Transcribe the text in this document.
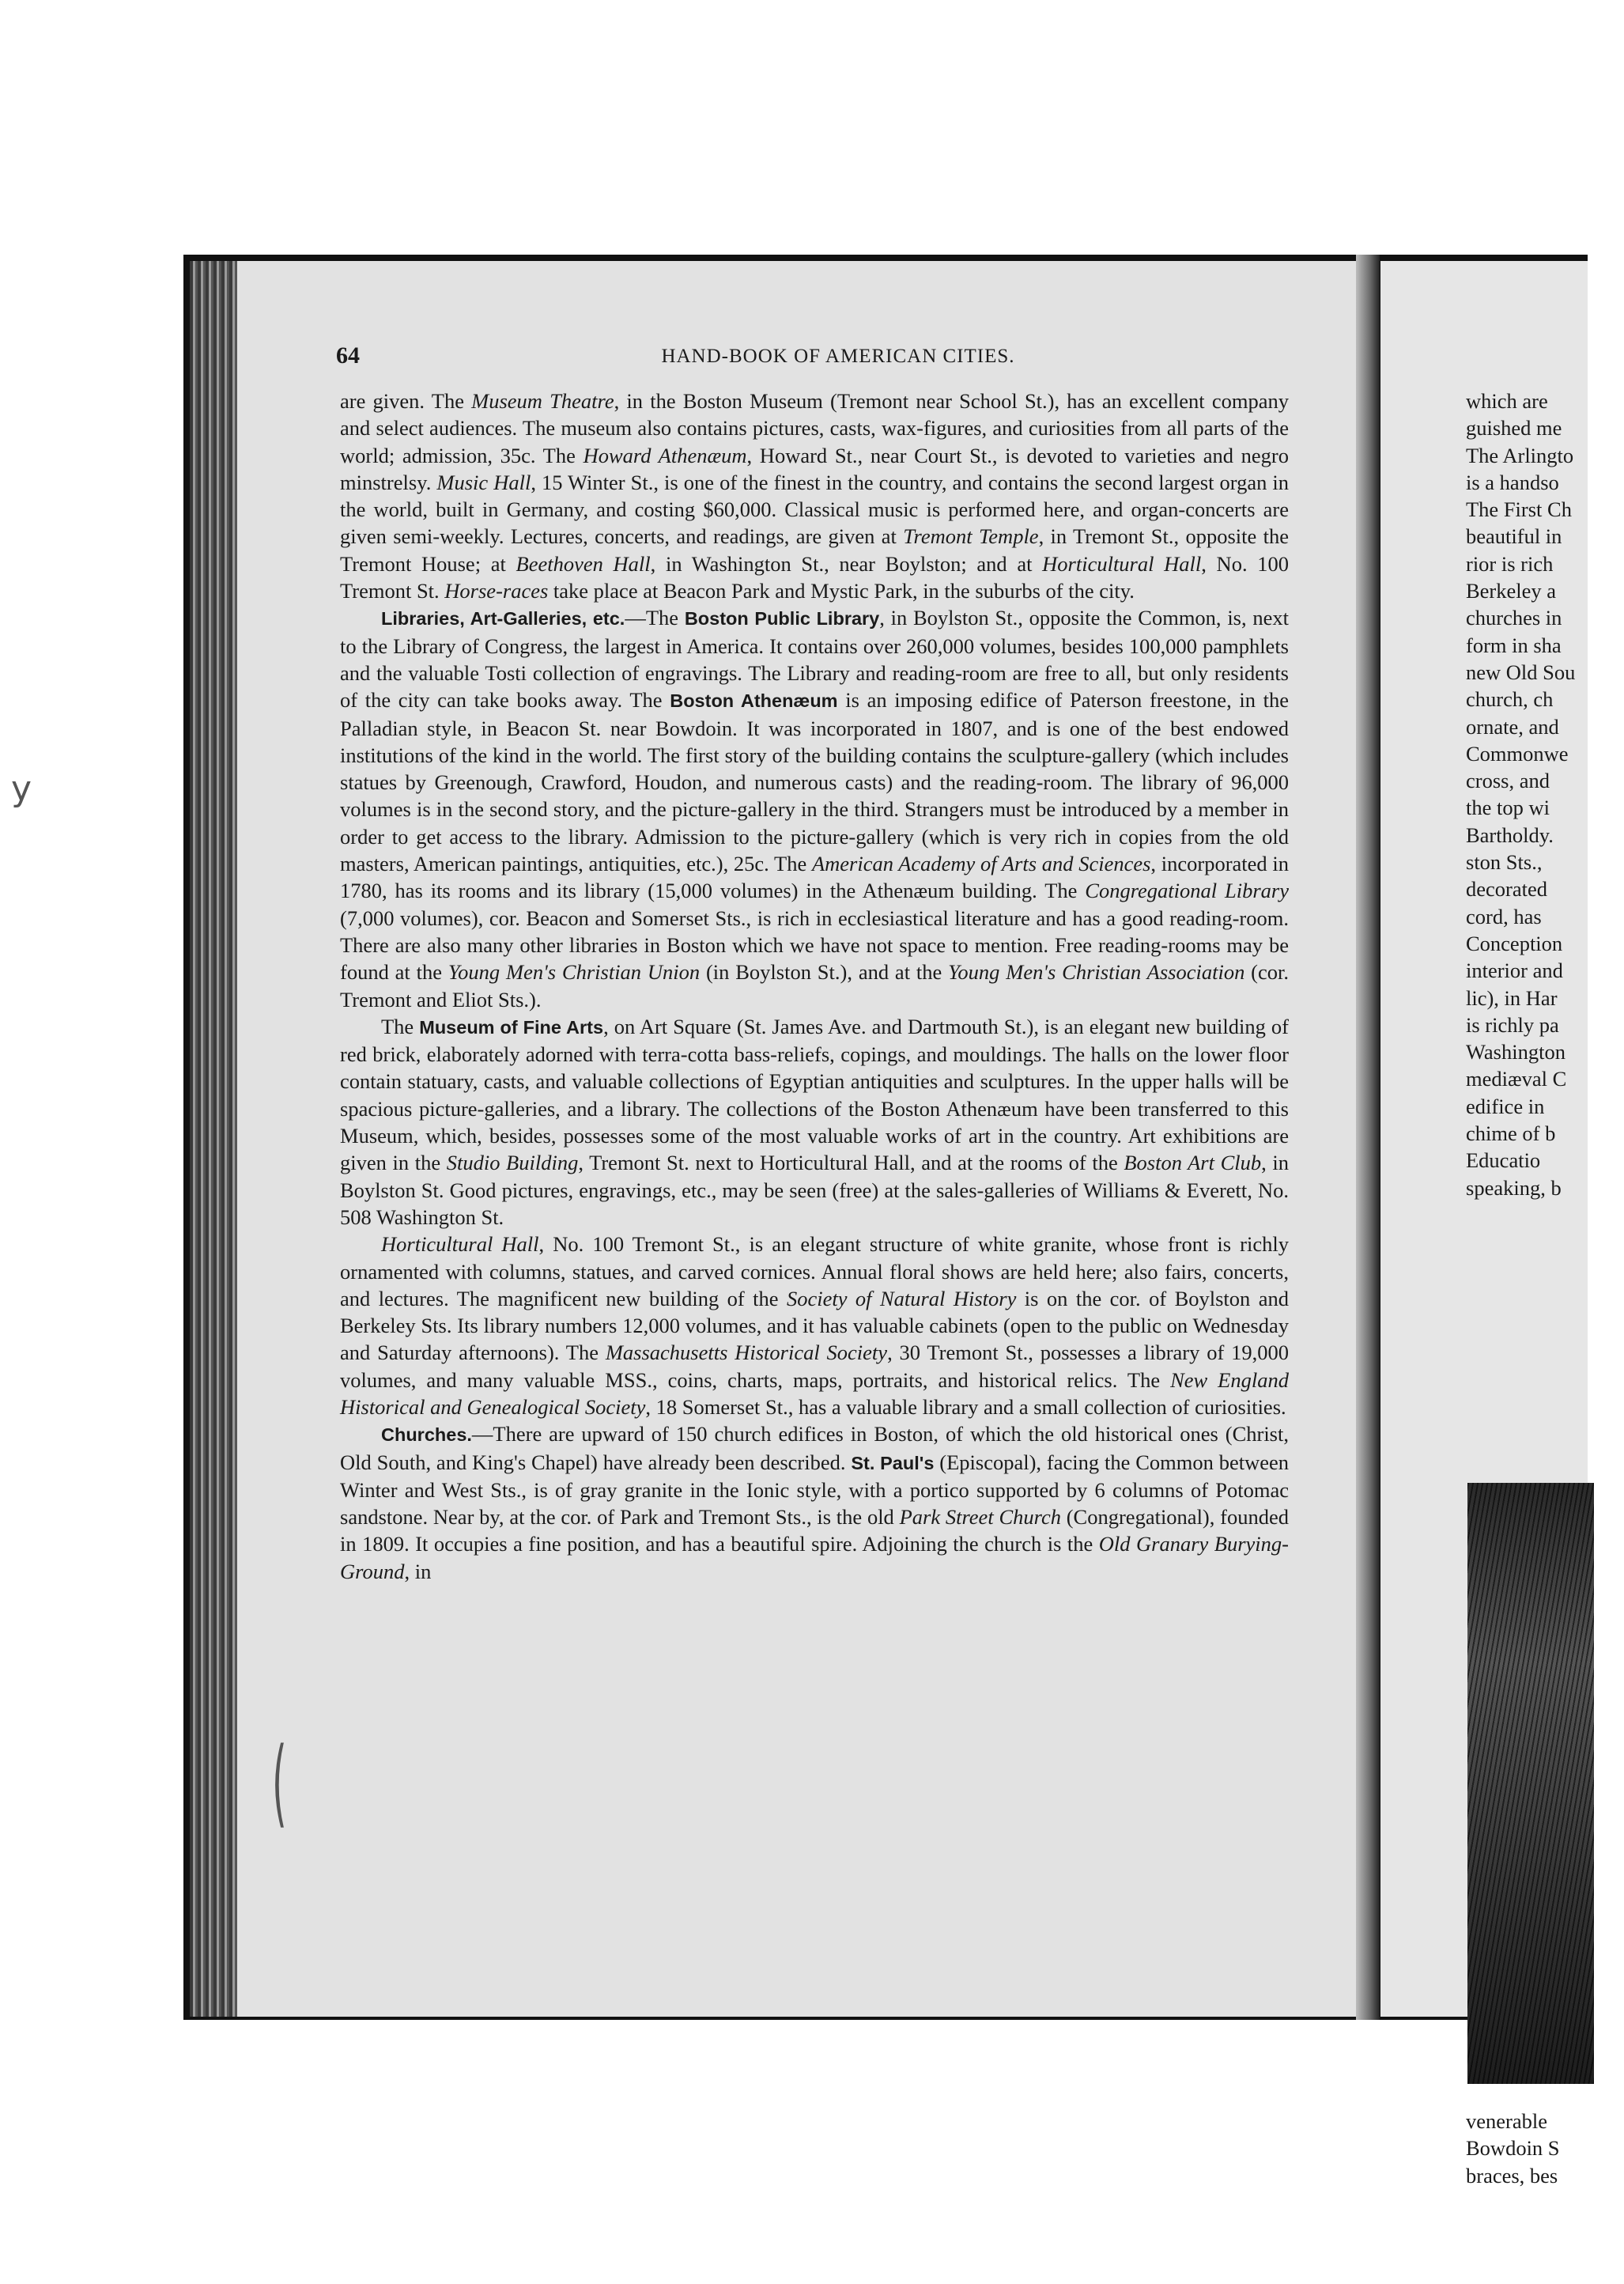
64	HAND-BOOK OF AMERICAN CITIES.

are given. The Museum Theatre, in the Boston Museum (Tremont near School St.), has an excellent company and select audiences. The museum also contains pictures, casts, wax-figures, and curiosities from all parts of the world; admission, 35c. The Howard Athenæum, Howard St., near Court St., is devoted to varieties and negro minstrelsy. Music Hall, 15 Winter St., is one of the finest in the country, and contains the second largest organ in the world, built in Germany, and costing $60,000. Classical music is performed here, and organ-concerts are given semi-weekly. Lectures, concerts, and readings, are given at Tremont Temple, in Tremont St., opposite the Tremont House; at Beethoven Hall, in Washington St., near Boylston; and at Horticultural Hall, No. 100 Tremont St. Horse-races take place at Beacon Park and Mystic Park, in the suburbs of the city.

Libraries, Art-Galleries, etc.—The Boston Public Library, in Boylston St., opposite the Common, is, next to the Library of Congress, the largest in America. It contains over 260,000 volumes, besides 100,000 pamphlets and the valuable Tosti collection of engravings. The Library and reading-room are free to all, but only residents of the city can take books away. The Boston Athenæum is an imposing edifice of Paterson freestone, in the Palladian style, in Beacon St. near Bowdoin. It was incorporated in 1807, and is one of the best endowed institutions of the kind in the world. The first story of the building contains the sculpture-gallery (which includes statues by Greenough, Crawford, Houdon, and numerous casts) and the reading-room. The library of 96,000 volumes is in the second story, and the picture-gallery in the third. Strangers must be introduced by a member in order to get access to the library. Admission to the picture-gallery (which is very rich in copies from the old masters, American paintings, antiquities, etc.), 25c. The American Academy of Arts and Sciences, incorporated in 1780, has its rooms and its library (15,000 volumes) in the Athenæum building. The Congregational Library (7,000 volumes), cor. Beacon and Somerset Sts., is rich in ecclesiastical literature and has a good reading-room. There are also many other libraries in Boston which we have not space to mention. Free reading-rooms may be found at the Young Men's Christian Union (in Boylston St.), and at the Young Men's Christian Association (cor. Tremont and Eliot Sts.).

The Museum of Fine Arts, on Art Square (St. James Ave. and Dartmouth St.), is an elegant new building of red brick, elaborately adorned with terra-cotta bass-reliefs, copings, and mouldings. The halls on the lower floor contain statuary, casts, and valuable collections of Egyptian antiquities and sculptures. In the upper halls will be spacious picture-galleries, and a library. The collections of the Boston Athenæum have been transferred to this Museum, which, besides, possesses some of the most valuable works of art in the country. Art exhibitions are given in the Studio Building, Tremont St. next to Horticultural Hall, and at the rooms of the Boston Art Club, in Boylston St. Good pictures, engravings, etc., may be seen (free) at the sales-galleries of Williams & Everett, No. 508 Washington St.

Horticultural Hall, No. 100 Tremont St., is an elegant structure of white granite, whose front is richly ornamented with columns, statues, and carved cornices. Annual floral shows are held here; also fairs, concerts, and lectures. The magnificent new building of the Society of Natural History is on the cor. of Boylston and Berkeley Sts. Its library numbers 12,000 volumes, and it has valuable cabinets (open to the public on Wednesday and Saturday afternoons). The Massachusetts Historical Society, 30 Tremont St., possesses a library of 19,000 volumes, and many valuable MSS., coins, charts, maps, portraits, and historical relics. The New England Historical and Genealogical Society, 18 Somerset St., has a valuable library and a small collection of curiosities.

Churches.—There are upward of 150 church edifices in Boston, of which the old historical ones (Christ, Old South, and King's Chapel) have already been described. St. Paul's (Episcopal), facing the Common between Winter and West Sts., is of gray granite in the Ionic style, with a portico supported by 6 columns of Potomac sandstone. Near by, at the cor. of Park and Tremont Sts., is the old Park Street Church (Congregational), founded in 1809. It occupies a fine position, and has a beautiful spire. Adjoining the church is the Old Granary Burying-Ground, in

which are
guished me
The Arlingto
is a handso
The First Ch
beautiful in
rior is rich
Berkeley a
churches in
form in sha
new Old Sou
church, ch
ornate, and
Commonwe
cross, and
the top wi
Bartholdy.
ston Sts.,
decorated
cord, has
Conception
interior and
lic), in Har
is richly pa
Washington
mediæval C
edifice in
chime of b
Educatio
speaking, b
venerable
Bowdoin S
braces, bes
y
(
